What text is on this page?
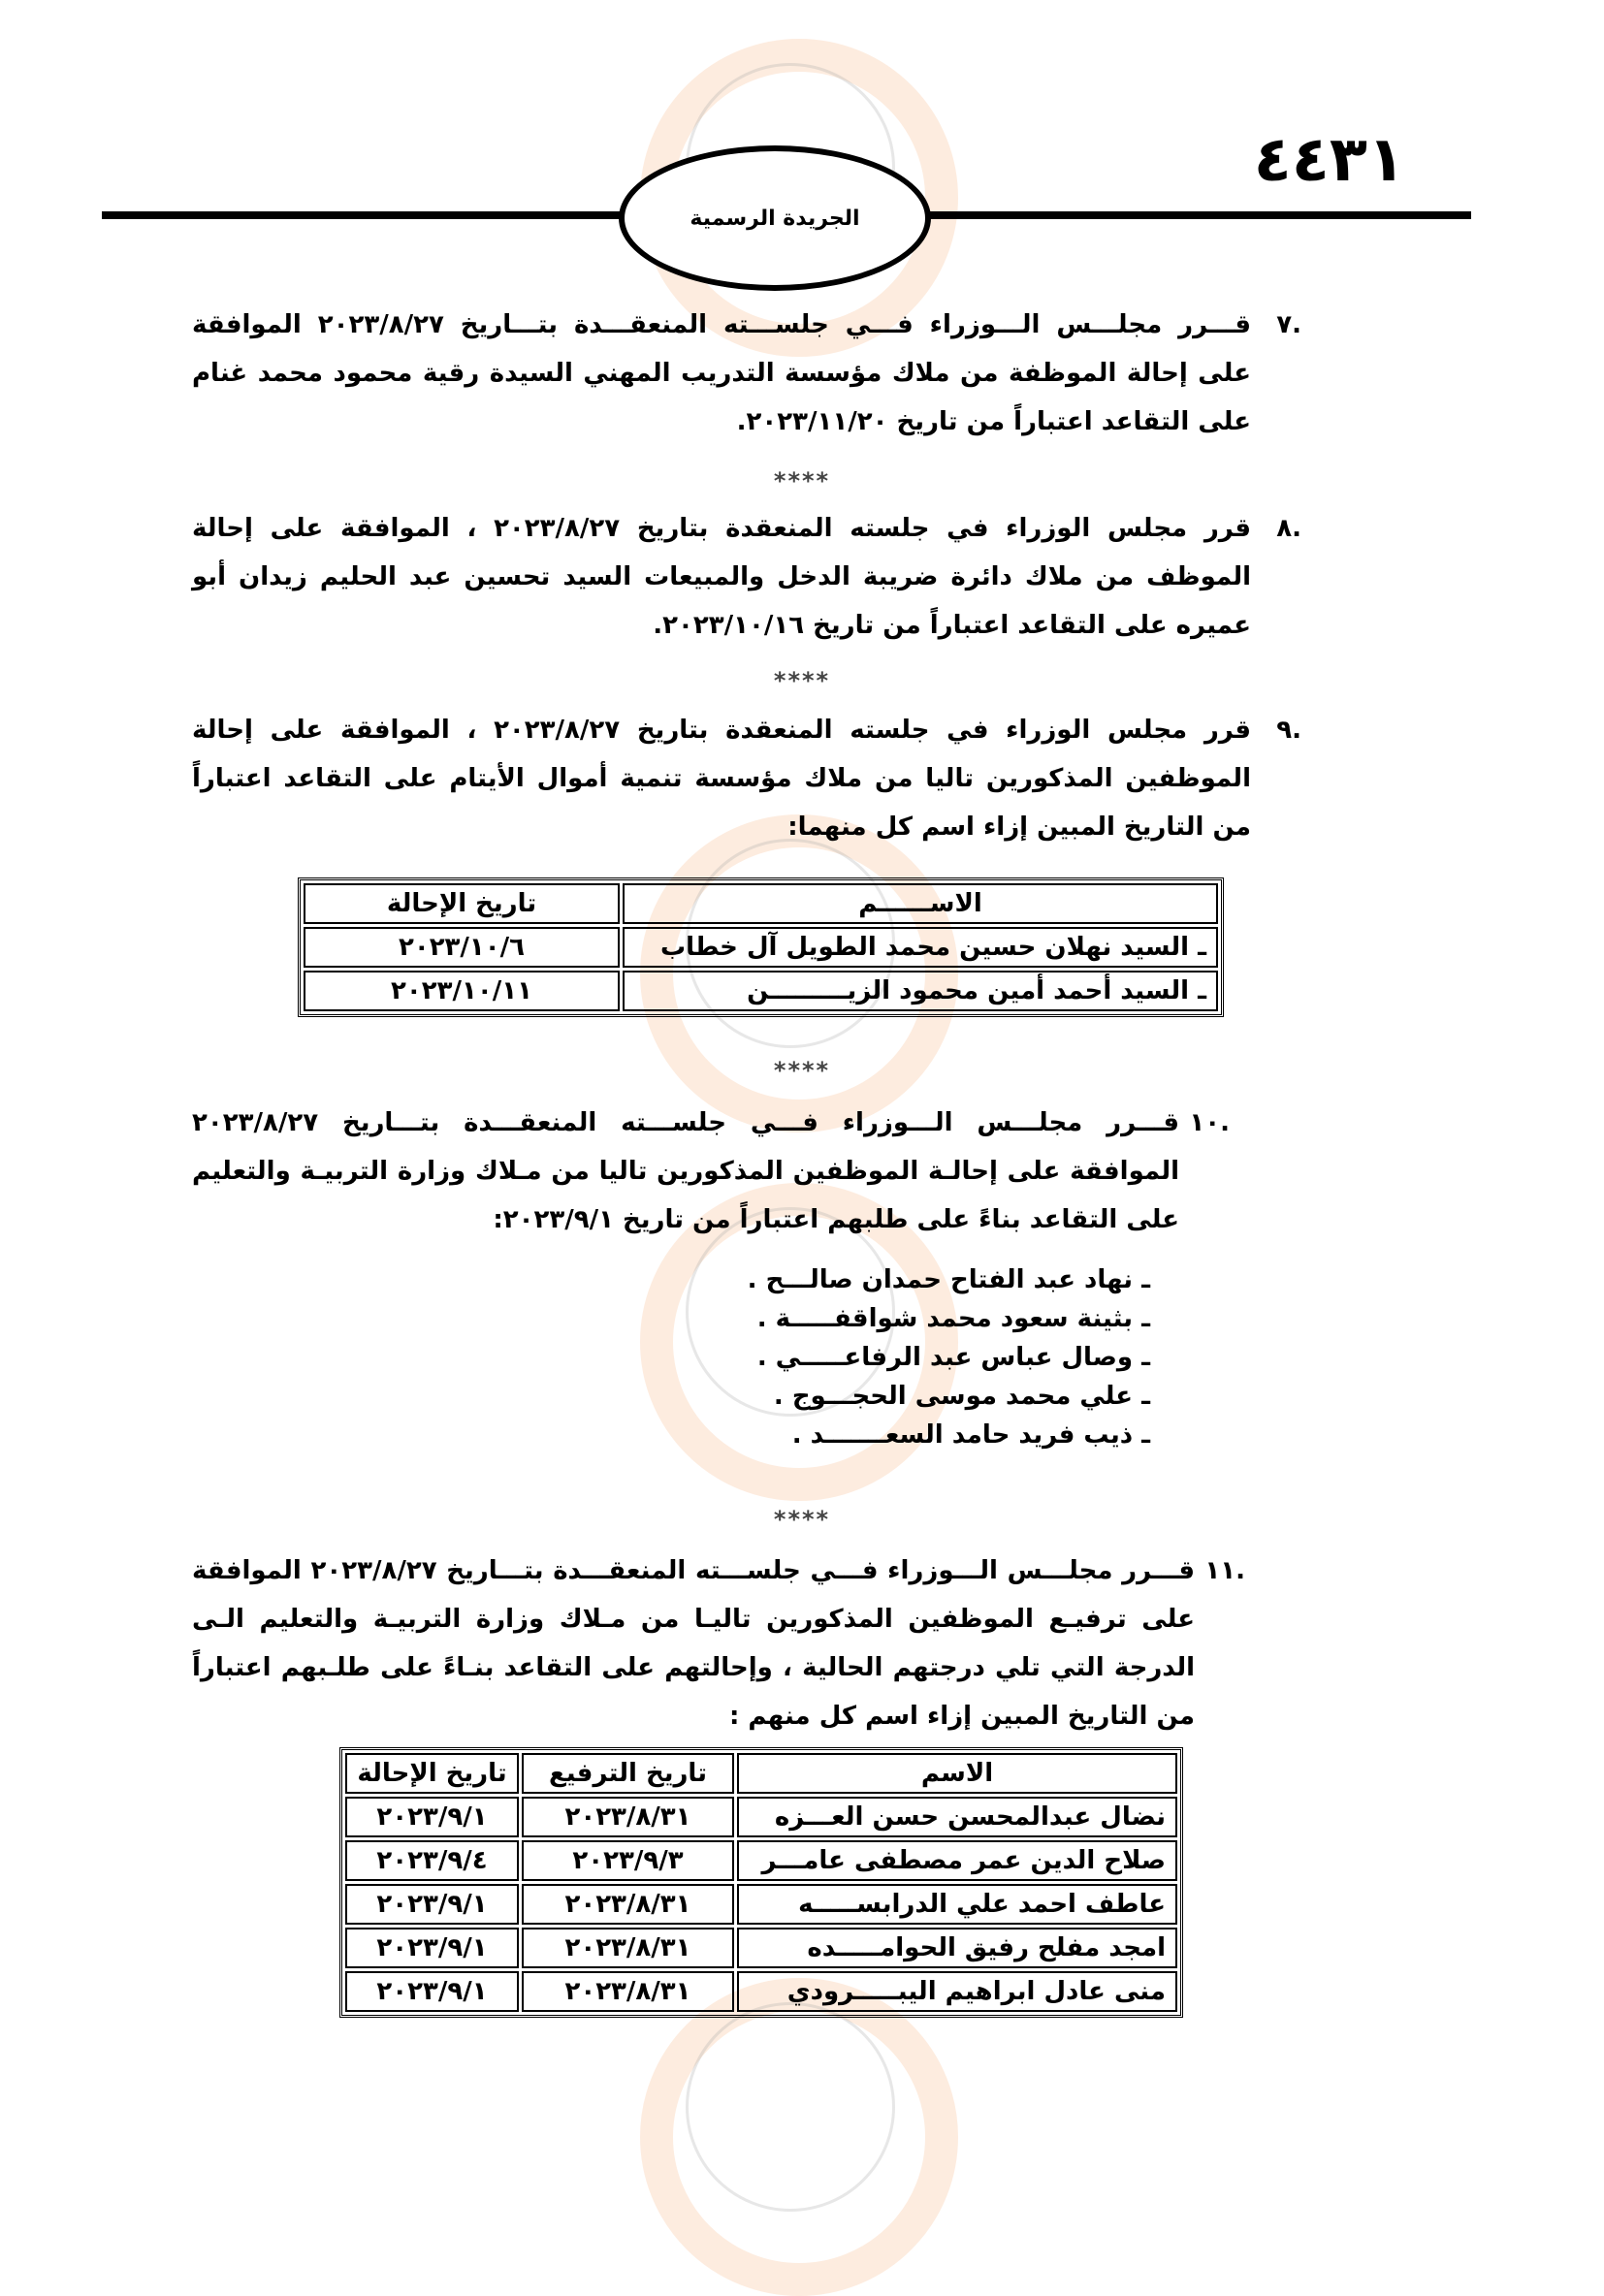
٤٤٣١
الجريدة الرسمية
.٧
قـــرر مجلـــس الـــوزراء فـــي جلســـته المنعقـــدة بتـــاريخ ٢٠٢٣/٨/٢٧ الموافقة على إحالة الموظفة من ملاك مؤسسة التدريب المهني السيدة رقية محمود محمد غنام على التقاعد اعتباراً من تاريخ ٢٠٢٣/١١/٢٠.
****
.٨
قرر مجلس الوزراء في جلسته المنعقدة بتاريخ ٢٠٢٣/٨/٢٧ ، الموافقة على إحالة الموظف من ملاك دائرة ضريبة الدخل والمبيعات السيد تحسين عبد الحليم زيدان أبو عميره على التقاعد اعتباراً من تاريخ ٢٠٢٣/١٠/١٦.
****
.٩
قرر مجلس الوزراء في جلسته المنعقدة بتاريخ ٢٠٢٣/٨/٢٧ ، الموافقة على إحالة الموظفين المذكورين تاليا من ملاك مؤسسة تنمية أموال الأيتام على التقاعد اعتباراً من التاريخ المبين إزاء اسم كل منهما:
الاســــــم	تاريخ الإحالة
ـ السيد نهلان حسين محمد الطويل آل خطاب	٢٠٢٣/١٠/٦
ـ السيد أحمد أمين محمود الزيـــــــــن	٢٠٢٣/١٠/١١
****
.١٠
قـــرر مجلـــس الـــوزراء فـــي جلســـته المنعقـــدة بتـــاريخ ٢٠٢٣/٨/٢٧ الموافقة على إحالـة الموظفين المذكورين تاليا من مـلاك وزارة التربيـة والتعليم على التقاعد بناءً على طلبهم اعتباراً من تاريخ ٢٠٢٣/٩/١:
ـ نهاد عبد الفتاح حمدان صالـــح .
ـ بثينة سعود محمد شواقفـــــة .
ـ وصال عباس عبد الرفاعـــــي .
ـ علي محمد موسى الحجـــوج .
ـ ذيب فريد حامد السعـــــــد .
****
.١١
قـــرر مجلـــس الـــوزراء فـــي جلســـته المنعقـــدة بتـــاريخ ٢٠٢٣/٨/٢٧ الموافقة على ترفيـع الموظفين المذكورين تاليـا من مـلاك وزارة التربيـة والتعليم الـى الدرجة التي تلي درجتهم الحالية ، وإحالتهم على التقاعد بنـاءً على طلـبهم اعتباراً من التاريخ المبين إزاء اسم كل منهم :
الاسم	تاريخ الترفيع	تاريخ الإحالة
نضال عبدالمحسن حسن العـــزه	٢٠٢٣/٨/٣١	٢٠٢٣/٩/١
صلاح الدين عمر مصطفى عامـــر	٢٠٢٣/٩/٣	٢٠٢٣/٩/٤
عاطف احمد علي الدرابســـــه	٢٠٢٣/٨/٣١	٢٠٢٣/٩/١
امجد مفلح رفيق الحوامـــــده	٢٠٢٣/٨/٣١	٢٠٢٣/٩/١
منى عادل ابراهيم اليبـــــرودي	٢٠٢٣/٨/٣١	٢٠٢٣/٩/١
